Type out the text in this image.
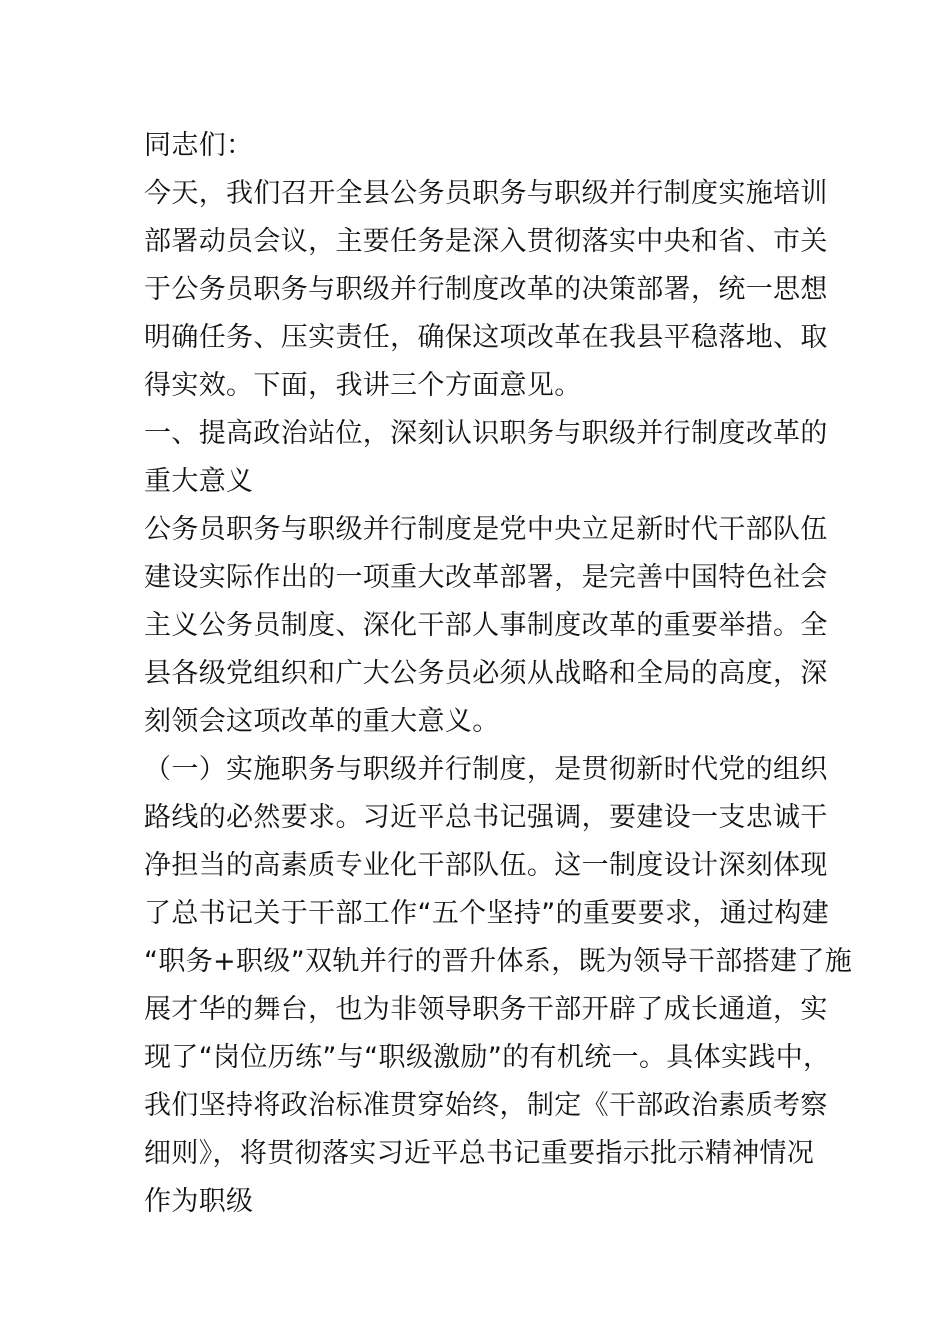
同志们：
今天，我们召开全县公务员职务与职级并行制度实施培训
部署动员会议，主要任务是深入贯彻落实中央和省、市关
于公务员职务与职级并行制度改革的决策部署，统一思想
明确任务、压实责任，确保这项改革在我县平稳落地、取
得实效。下面，我讲三个方面意见。
一、提高政治站位，深刻认识职务与职级并行制度改革的
重大意义
公务员职务与职级并行制度是党中央立足新时代干部队伍
建设实际作出的一项重大改革部署，是完善中国特色社会
主义公务员制度、深化干部人事制度改革的重要举措。全
县各级党组织和广大公务员必须从战略和全局的高度，深
刻领会这项改革的重大意义。
（一）实施职务与职级并行制度，是贯彻新时代党的组织
路线的必然要求。习近平总书记强调，要建设一支忠诚干
净担当的高素质专业化干部队伍。这一制度设计深刻体现
了总书记关于干部工作“五个坚持”的重要要求，通过构建
“职务+职级”双轨并行的晋升体系，既为领导干部搭建了施
展才华的舞台，也为非领导职务干部开辟了成长通道，实
现了“岗位历练”与“职级激励”的有机统一。具体实践中，
我们坚持将政治标准贯穿始终，制定《干部政治素质考察
细则》，将贯彻落实习近平总书记重要指示批示精神情况
作为职级
